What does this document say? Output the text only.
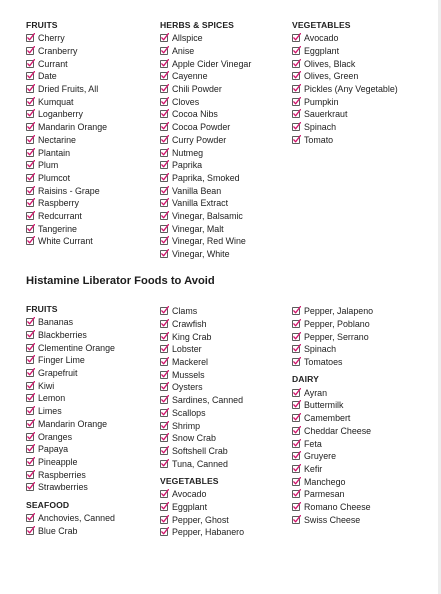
FRUITS
Cherry
Cranberry
Currant
Date
Dried Fruits, All
Kumquat
Loganberry
Mandarin Orange
Nectarine
Plantain
Plum
Plumcot
Raisins - Grape
Raspberry
Redcurrant
Tangerine
White Currant
HERBS & SPICES
Allspice
Anise
Apple Cider Vinegar
Cayenne
Chili Powder
Cloves
Cocoa Nibs
Cocoa Powder
Curry Powder
Nutmeg
Paprika
Paprika, Smoked
Vanilla Bean
Vanilla Extract
Vinegar, Balsamic
Vinegar, Malt
Vinegar, Red Wine
Vinegar, White
VEGETABLES
Avocado
Eggplant
Olives, Black
Olives, Green
Pickles (Any Vegetable)
Pumpkin
Sauerkraut
Spinach
Tomato
Histamine Liberator Foods to Avoid
FRUITS
Bananas
Blackberries
Clementine Orange
Finger Lime
Grapefruit
Kiwi
Lemon
Limes
Mandarin Orange
Oranges
Papaya
Pineapple
Raspberries
Strawberries
SEAFOOD
Anchovies, Canned
Blue Crab
Clams
Crawfish
King Crab
Lobster
Mackerel
Mussels
Oysters
Sardines, Canned
Scallops
Shrimp
Snow Crab
Softshell Crab
Tuna, Canned
VEGETABLES
Avocado
Eggplant
Pepper, Ghost
Pepper, Habanero
Pepper, Jalapeno
Pepper, Poblano
Pepper, Serrano
Spinach
Tomatoes
DAIRY
Ayran
Buttermilk
Camembert
Cheddar Cheese
Feta
Gruyere
Kefir
Manchego
Parmesan
Romano Cheese
Swiss Cheese
